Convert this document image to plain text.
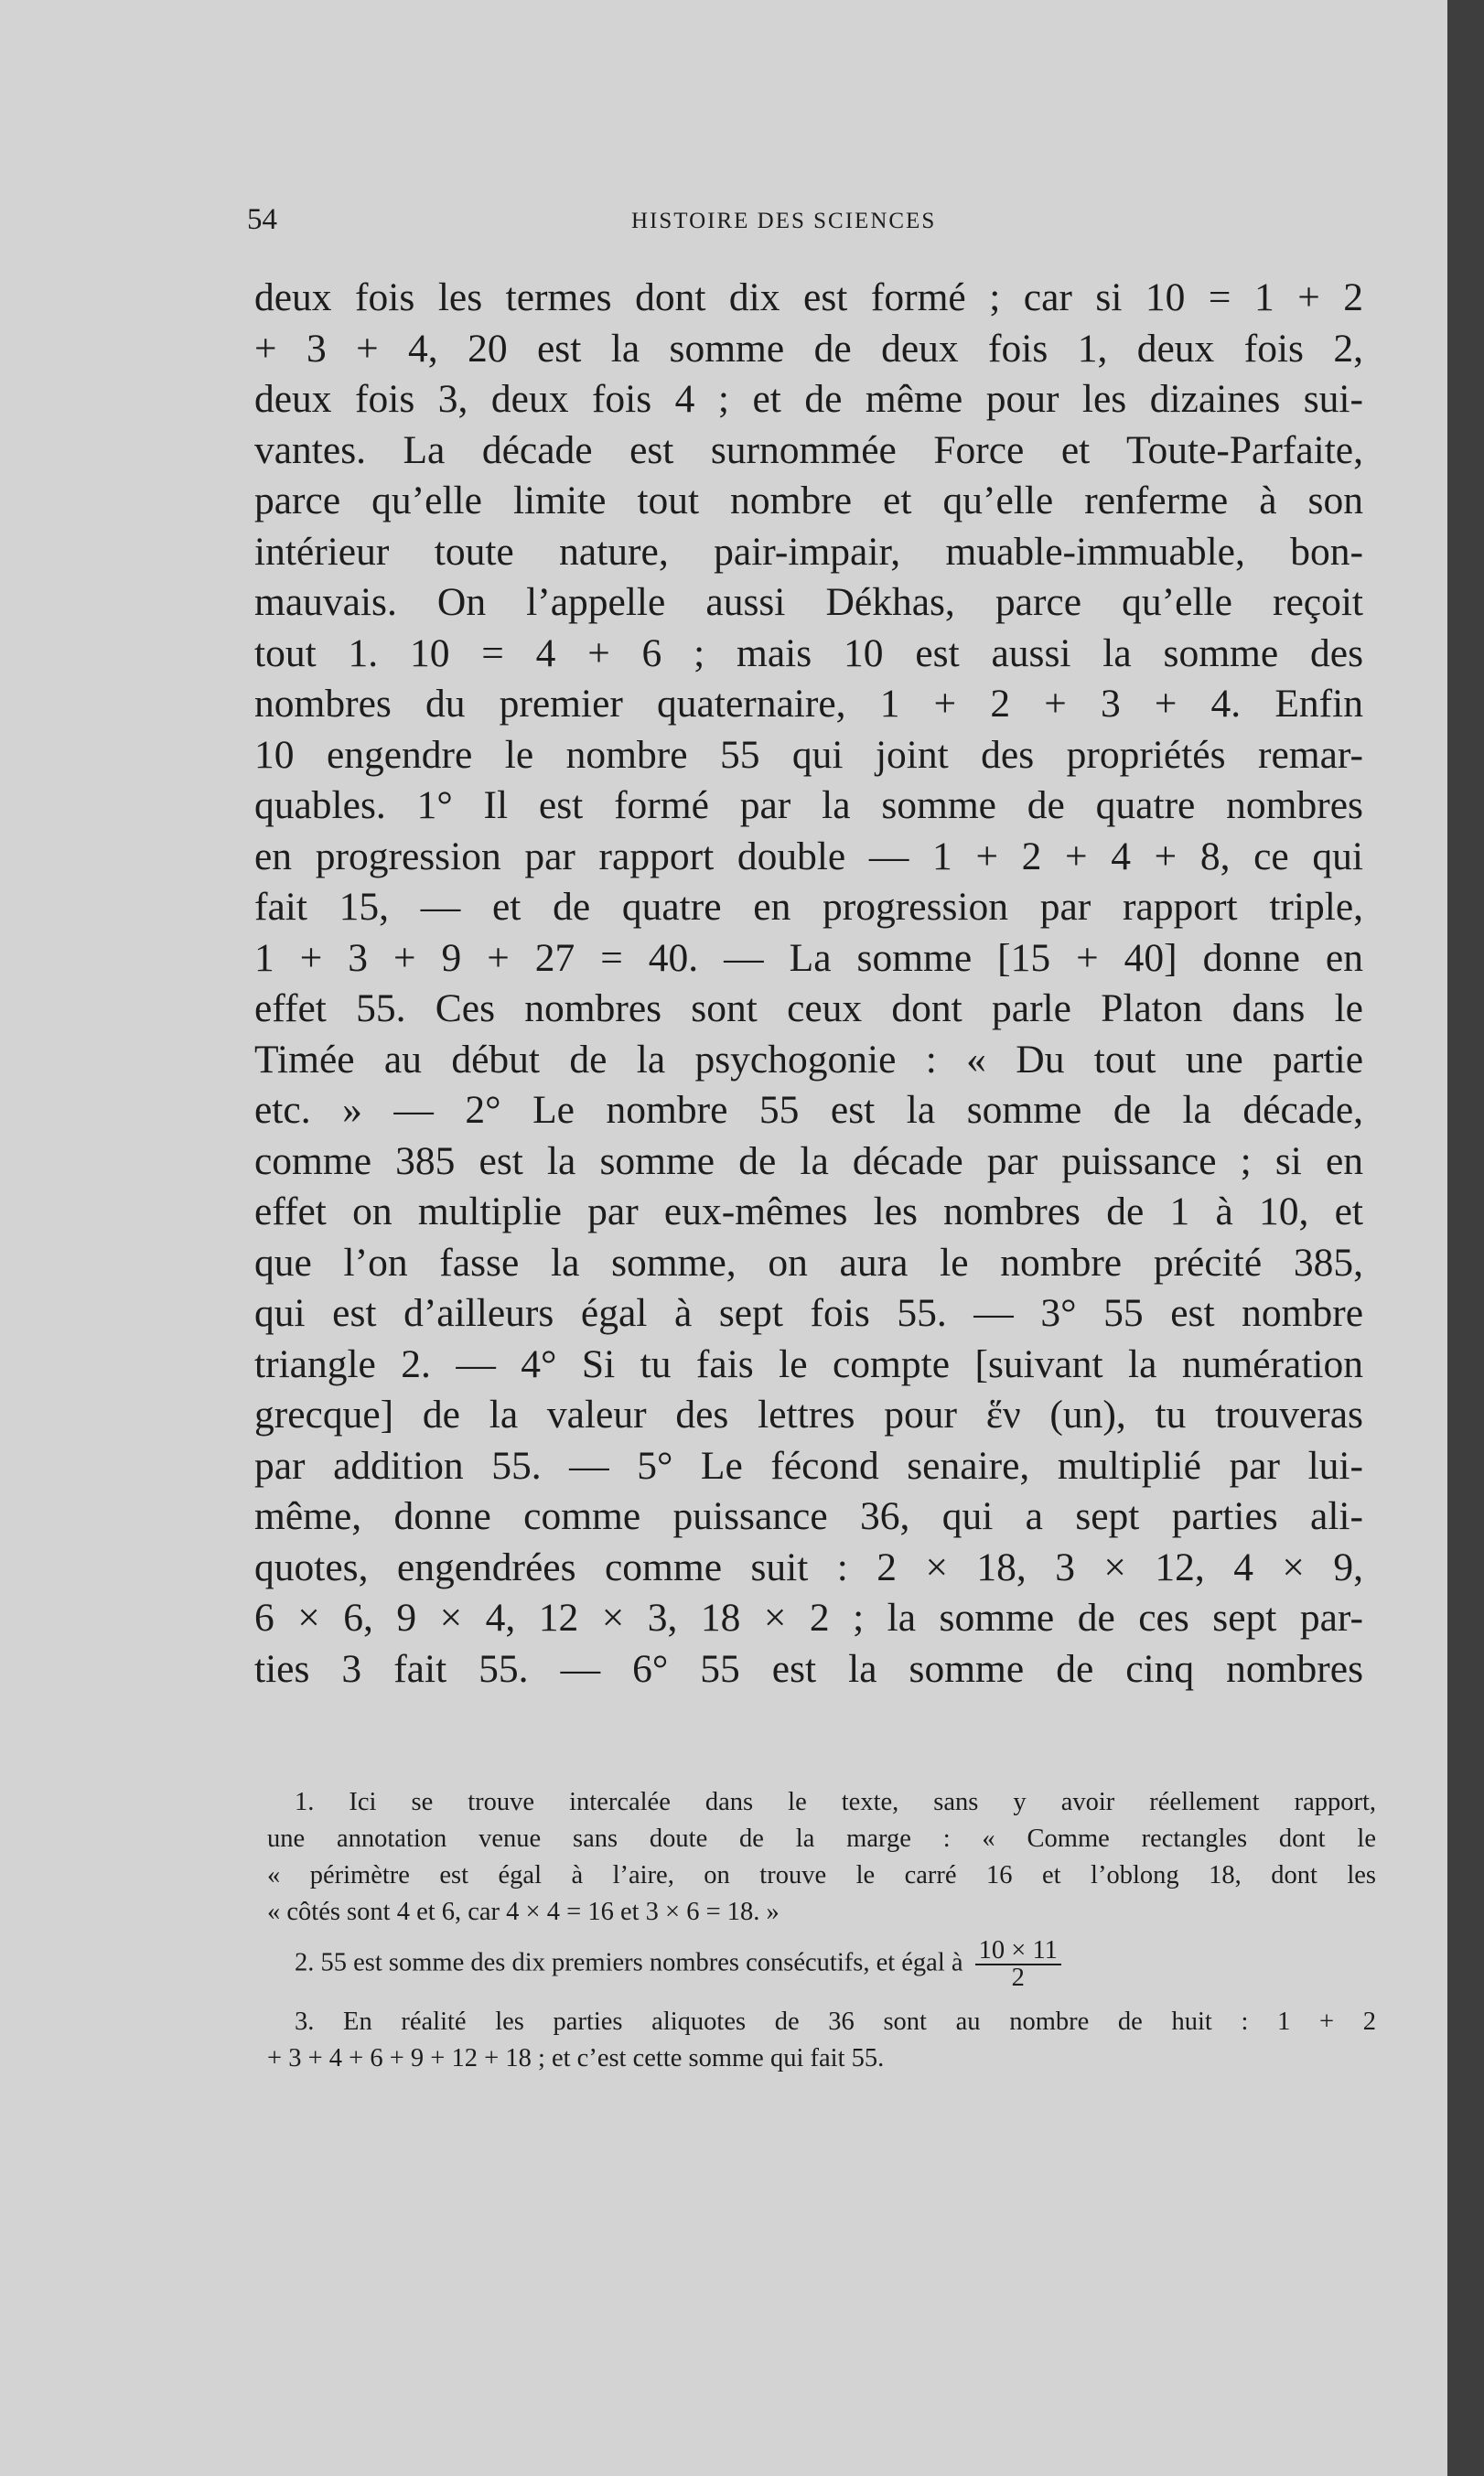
54	HISTOIRE DES SCIENCES
deux fois les termes dont dix est formé ; car si 10 = 1 + 2
+ 3 + 4, 20 est la somme de deux fois 1, deux fois 2,
deux fois 3, deux fois 4 ; et de même pour les dizaines sui-
vantes. La décade est surnommée Force et Toute-Parfaite,
parce qu’elle limite tout nombre et qu’elle renferme à son
intérieur toute nature, pair-impair, muable-immuable, bon-
mauvais. On l’appelle aussi Dékhas, parce qu’elle reçoit
tout 1. 10 = 4 + 6 ; mais 10 est aussi la somme des
nombres du premier quaternaire, 1 + 2 + 3 + 4. Enfin
10 engendre le nombre 55 qui joint des propriétés remar-
quables. 1° Il est formé par la somme de quatre nombres
en progression par rapport double — 1 + 2 + 4 + 8, ce qui
fait 15, — et de quatre en progression par rapport triple,
1 + 3 + 9 + 27 = 40. — La somme [15 + 40] donne en
effet 55. Ces nombres sont ceux dont parle Platon dans le
Timée au début de la psychogonie : « Du tout une partie
etc. » — 2° Le nombre 55 est la somme de la décade,
comme 385 est la somme de la décade par puissance ; si en
effet on multiplie par eux-mêmes les nombres de 1 à 10, et
que l’on fasse la somme, on aura le nombre précité 385,
qui est d’ailleurs égal à sept fois 55. — 3° 55 est nombre
triangle 2. — 4° Si tu fais le compte [suivant la numération
grecque] de la valeur des lettres pour ἕν (un), tu trouveras
par addition 55. — 5° Le fécond senaire, multiplié par lui-
même, donne comme puissance 36, qui a sept parties ali-
quotes, engendrées comme suit : 2 × 18, 3 × 12, 4 × 9,
6 × 6, 9 × 4, 12 × 3, 18 × 2 ; la somme de ces sept par-
ties 3 fait 55. — 6° 55 est la somme de cinq nombres
1. Ici se trouve intercalée dans le texte, sans y avoir réellement rapport,
une annotation venue sans doute de la marge : « Comme rectangles dont le
« périmètre est égal à l’aire, on trouve le carré 16 et l’oblong 18, dont les
« côtés sont 4 et 6, car 4 × 4 = 16 et 3 × 6 = 18. »
2. 55 est somme des dix premiers nombres consécutifs, et égal à $\frac{10 \times 11}{2}$
3. En réalité les parties aliquotes de 36 sont au nombre de huit : 1 + 2
+ 3 + 4 + 6 + 9 + 12 + 18 ; et c’est cette somme qui fait 55.
